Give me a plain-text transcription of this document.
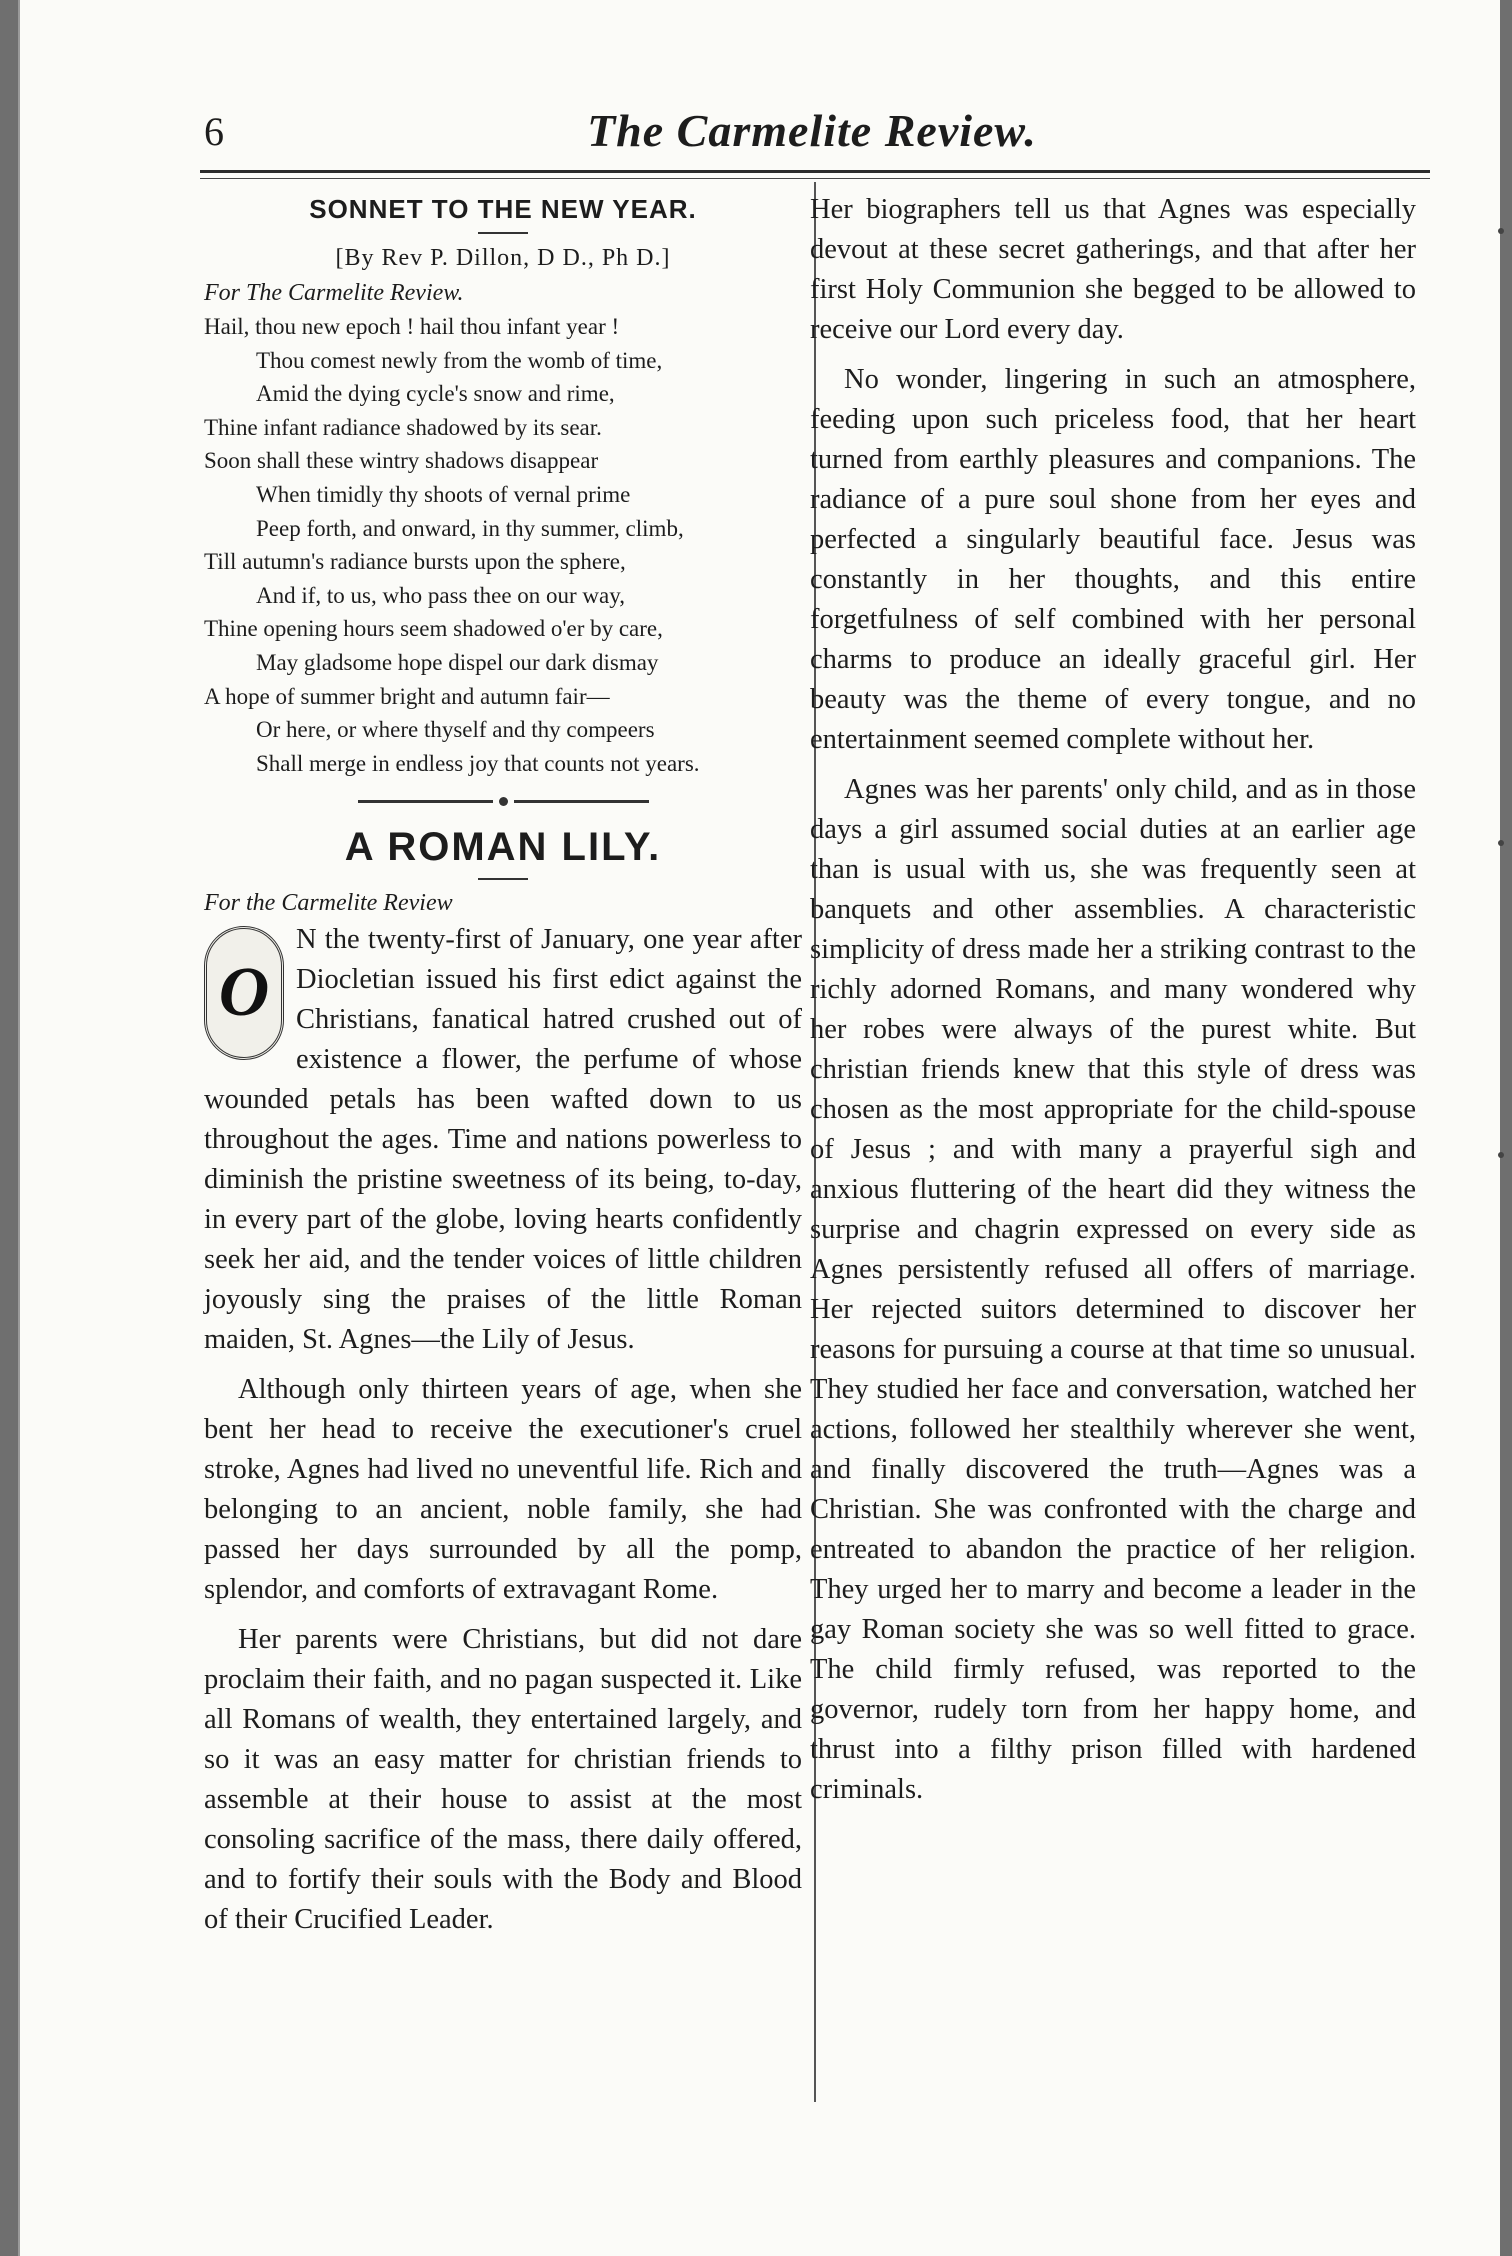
6	The Carmelite Review.
SONNET TO THE NEW YEAR.
[By Rev P. Dillon, D D., Ph D.]
For The Carmelite Review.
Hail, thou new epoch ! hail thou infant year !
Thou comest newly from the womb of time,
Amid the dying cycle's snow and rime,
Thine infant radiance shadowed by its sear.
Soon shall these wintry shadows disappear
When timidly thy shoots of vernal prime
Peep forth, and onward, in thy summer, climb,
Till autumn's radiance bursts upon the sphere,
And if, to us, who pass thee on our way,
Thine opening hours seem shadowed o'er by care,
May gladsome hope dispel our dark dismay
A hope of summer bright and autumn fair—
Or here, or where thyself and thy compeers
Shall merge in endless joy that counts not years.
A ROMAN LILY.
For the Carmelite Review
O

N the twenty-first of January, one year after Diocletian issued his first edict against the Christians, fanatical hatred crushed out of existence a flower, the perfume of whose wounded petals has been wafted down to us throughout the ages. Time and nations powerless to diminish the pristine sweetness of its being, to-day, in every part of the globe, loving hearts confidently seek her aid, and the tender voices of little children joyously sing the praises of the little Roman maiden, St. Agnes—the Lily of Jesus.

Although only thirteen years of age, when she bent her head to receive the executioner's cruel stroke, Agnes had lived no uneventful life. Rich and belonging to an ancient, noble family, she had passed her days surrounded by all the pomp, splendor, and comforts of extravagant Rome.

Her parents were Christians, but did not dare proclaim their faith, and no pagan suspected it. Like all Romans of wealth, they entertained largely, and so it was an easy matter for christian friends to assemble at their house to assist at the most consoling sacrifice of the mass, there daily offered, and to fortify their souls with the Body and Blood of their Crucified Leader.

Her biographers tell us that Agnes was especially devout at these secret gatherings, and that after her first Holy Communion she begged to be allowed to receive our Lord every day.

No wonder, lingering in such an atmosphere, feeding upon such priceless food, that her heart turned from earthly pleasures and companions. The radiance of a pure soul shone from her eyes and perfected a singularly beautiful face. Jesus was constantly in her thoughts, and this entire forgetfulness of self combined with her personal charms to produce an ideally graceful girl. Her beauty was the theme of every tongue, and no entertainment seemed complete without her.

Agnes was her parents' only child, and as in those days a girl assumed social duties at an earlier age than is usual with us, she was frequently seen at banquets and other assemblies. A characteristic simplicity of dress made her a striking contrast to the richly adorned Romans, and many wondered why her robes were always of the purest white. But christian friends knew that this style of dress was chosen as the most appropriate for the child-spouse of Jesus ; and with many a prayerful sigh and anxious fluttering of the heart did they witness the surprise and chagrin expressed on every side as Agnes persistently refused all offers of marriage. Her rejected suitors determined to discover her reasons for pursuing a course at that time so unusual. They studied her face and conversation, watched her actions, followed her stealthily wherever she went, and finally discovered the truth—Agnes was a Christian. She was confronted with the charge and entreated to abandon the practice of her religion. They urged her to marry and become a leader in the gay Roman society she was so well fitted to grace. The child firmly refused, was reported to the governor, rudely torn from her happy home, and thrust into a filthy prison filled with hardened criminals.
